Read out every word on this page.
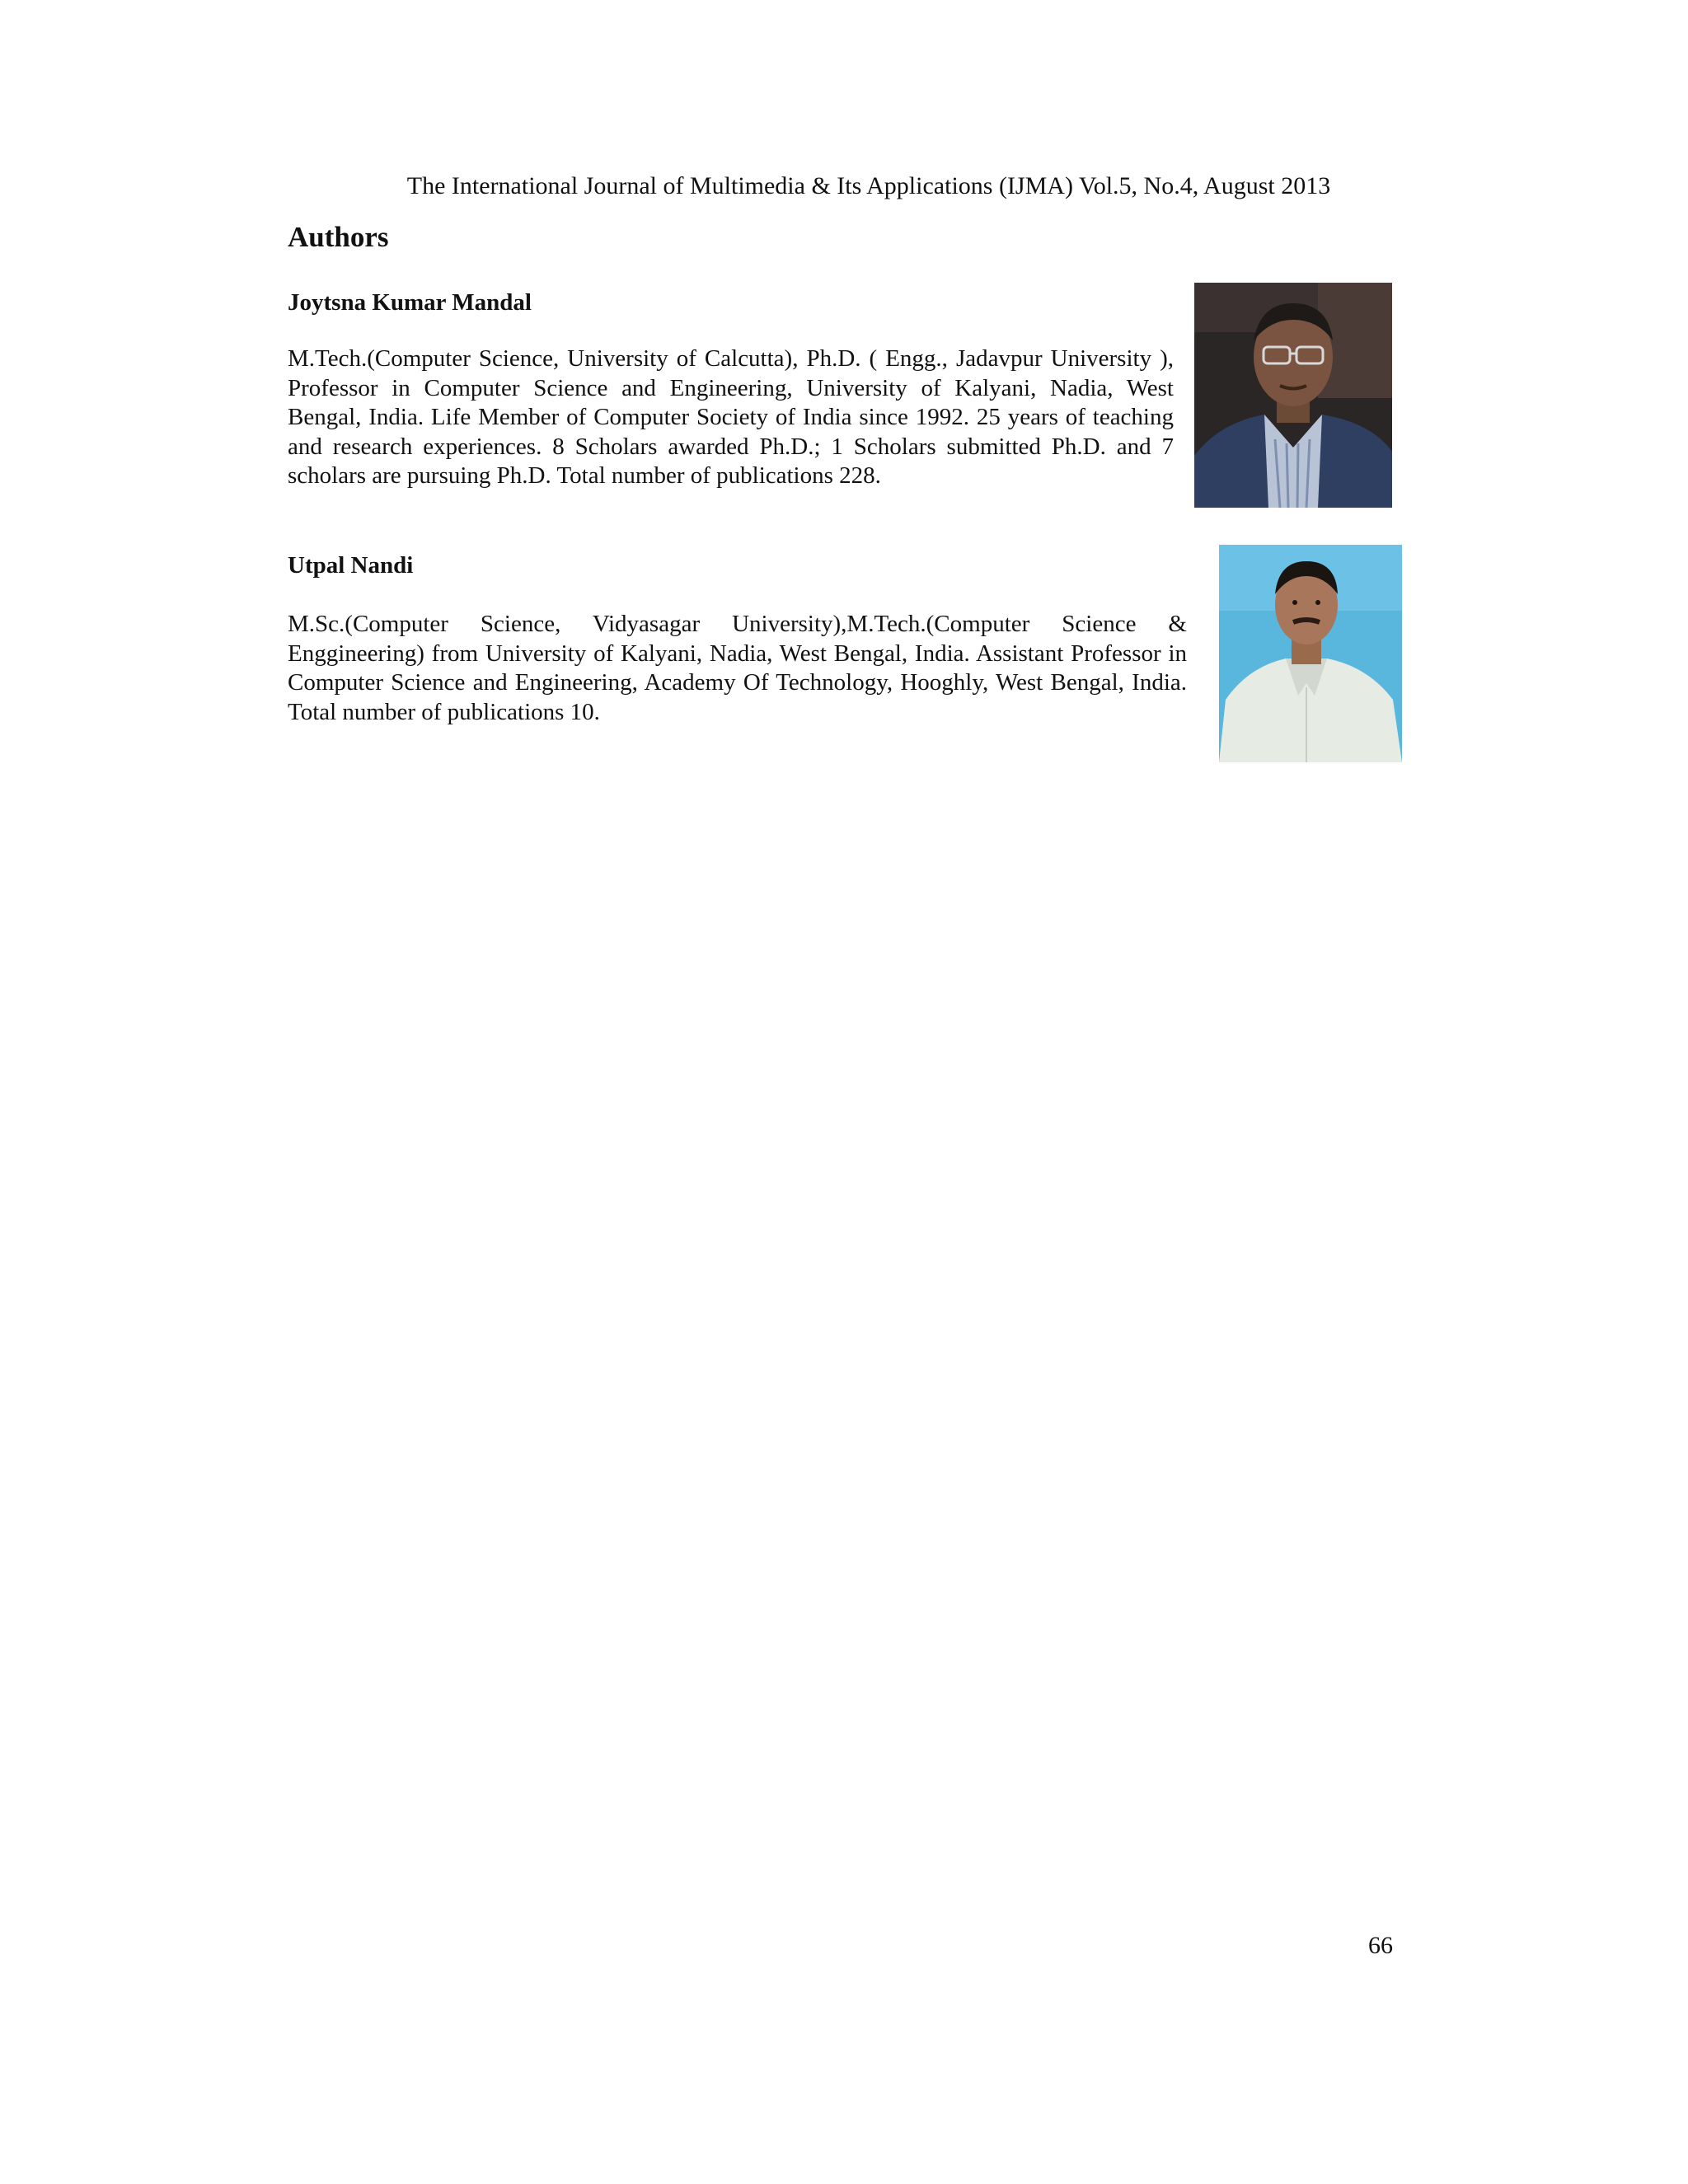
The International Journal of Multimedia & Its Applications (IJMA) Vol.5, No.4, August 2013
Authors
Joytsna Kumar Mandal

M.Tech.(Computer Science, University of Calcutta), Ph.D. ( Engg., Jadavpur University ), Professor in Computer Science and Engineering, University of Kalyani, Nadia, West Bengal, India. Life Member of Computer Society of India since 1992. 25 years of teaching and research experiences. 8 Scholars awarded Ph.D.; 1 Scholars submitted Ph.D. and 7 scholars are pursuing Ph.D. Total number of publications 228.

Utpal Nandi

M.Sc.(Computer Science, Vidyasagar University),M.Tech.(Computer Science & Enggineering) from University of Kalyani, Nadia, West Bengal, India. Assistant Professor in Computer Science and Engineering, Academy Of Technology, Hooghly, West Bengal, India. Total number of publications 10.

66
